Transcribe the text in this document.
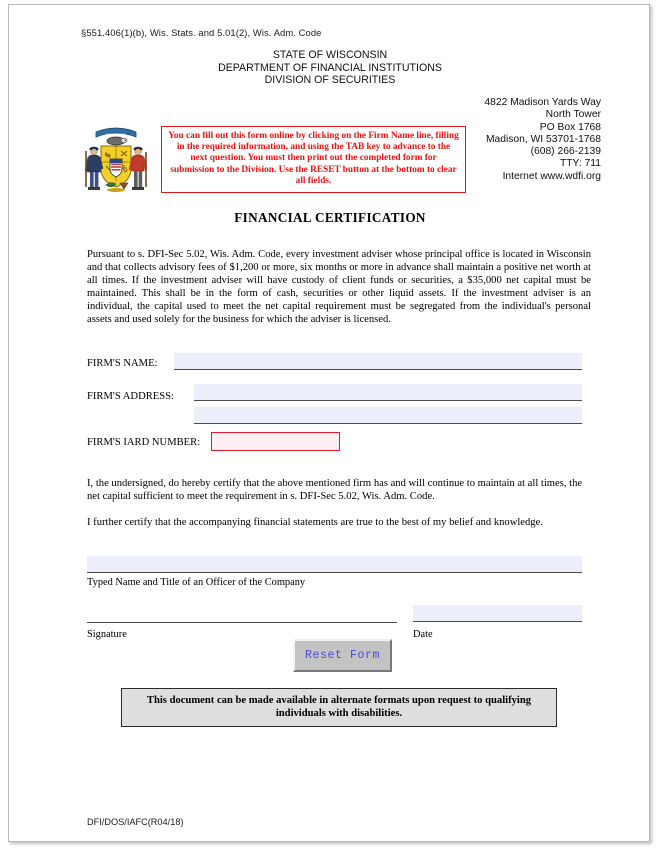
§551.406(1)(b), Wis. Stats. and 5.01(2), Wis. Adm. Code
STATE OF WISCONSIN
DEPARTMENT OF FINANCIAL INSTITUTIONS
DIVISION OF SECURITIES
4822 Madison Yards Way
North Tower
PO Box 1768
Madison, WI 53701-1768
(608) 266-2139
TTY: 711
Internet www.wdfi.org
FORWARD	You can fill out this form online by clicking on the Firm Name line, filling in the required information, and using the TAB key to advance to the next question. You must then print out the completed form for submission to the Division. Use the RESET button at the bottom to clear all fields.
FINANCIAL CERTIFICATION
Pursuant to s. DFI-Sec 5.02, Wis. Adm. Code, every investment adviser whose principal office is located in Wisconsin and that collects advisory fees of $1,200 or more, six months or more in advance shall maintain a positive net worth at all times. If the investment adviser will have custody of client funds or securities, a $35,000 net capital must be maintained. This shall be in the form of cash, securities or other liquid assets. If the investment adviser is an individual, the capital used to meet the net capital requirement must be segregated from the individual's personal assets and used solely for the business for which the adviser is licensed.
FIRM'S NAME:
FIRM'S ADDRESS:
FIRM'S IARD NUMBER:
I, the undersigned, do hereby certify that the above mentioned firm has and will continue to maintain at all times, the net capital sufficient to meet the requirement in s. DFI-Sec 5.02, Wis. Adm. Code.
I further certify that the accompanying financial statements are true to the best of my belief and knowledge.
Typed Name and Title of an Officer of the Company
Signature	Date
Reset Form
This document can be made available in alternate formats upon request to qualifying individuals with disabilities.
DFI/DOS/IAFC(R04/18)
